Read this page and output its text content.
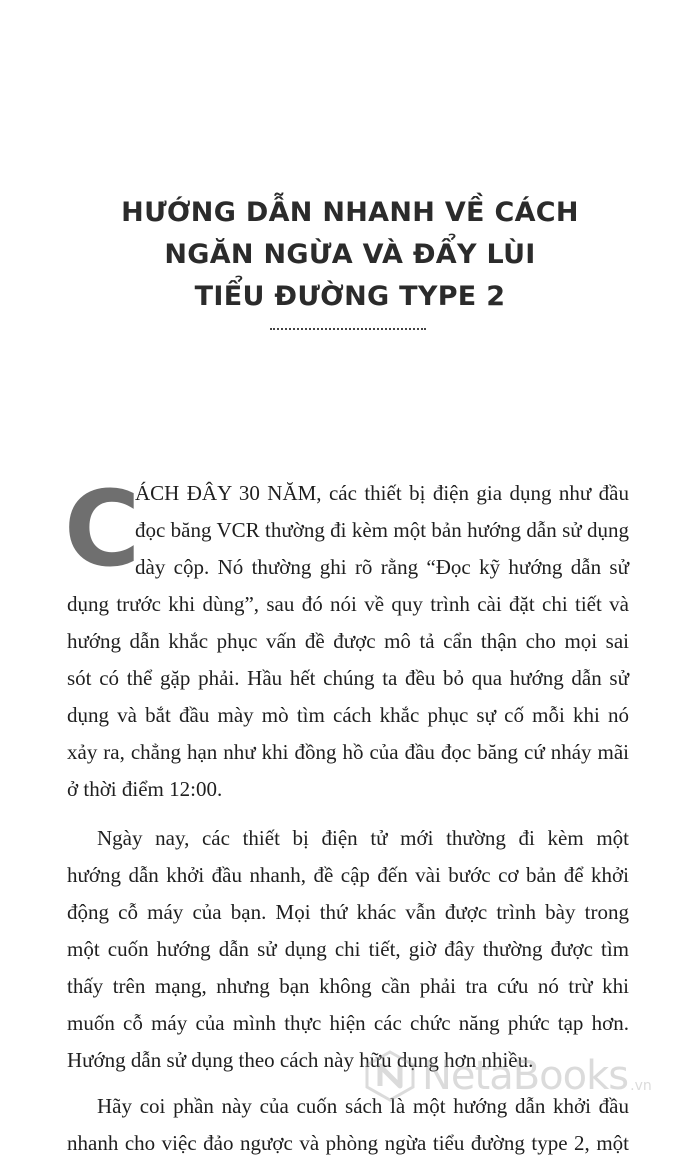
HƯỚNG DẪN NHANH VỀ CÁCH
NGĂN NGỪA VÀ ĐẨY LÙI
TIỂU ĐƯỜNG TYPE 2
C

ÁCH ĐÂY 30 NĂM, các thiết bị điện gia dụng như đầu
đọc băng VCR thường đi kèm một bản hướng dẫn sử dụng
dày cộp. Nó thường ghi rõ rằng “Đọc kỹ hướng dẫn sử
dụng trước khi dùng”, sau đó nói về quy trình cài đặt chi tiết và
hướng dẫn khắc phục vấn đề được mô tả cẩn thận cho mọi sai
sót có thể gặp phải. Hầu hết chúng ta đều bỏ qua hướng dẫn sử
dụng và bắt đầu mày mò tìm cách khắc phục sự cố mỗi khi nó
xảy ra, chẳng hạn như khi đồng hồ của đầu đọc băng cứ nháy mãi
ở thời điểm 12:00.

Ngày nay, các thiết bị điện tử mới thường đi kèm một
hướng dẫn khởi đầu nhanh, đề cập đến vài bước cơ bản để khởi
động cỗ máy của bạn. Mọi thứ khác vẫn được trình bày trong
một cuốn hướng dẫn sử dụng chi tiết, giờ đây thường được tìm
thấy trên mạng, nhưng bạn không cần phải tra cứu nó trừ khi
muốn cỗ máy của mình thực hiện các chức năng phức tạp hơn.
Hướng dẫn sử dụng theo cách này hữu dụng hơn nhiều.

Hãy coi phần này của cuốn sách là một hướng dẫn khởi đầu
nhanh cho việc đảo ngược và phòng ngừa tiểu đường type 2, một

NetaBooks .vn
